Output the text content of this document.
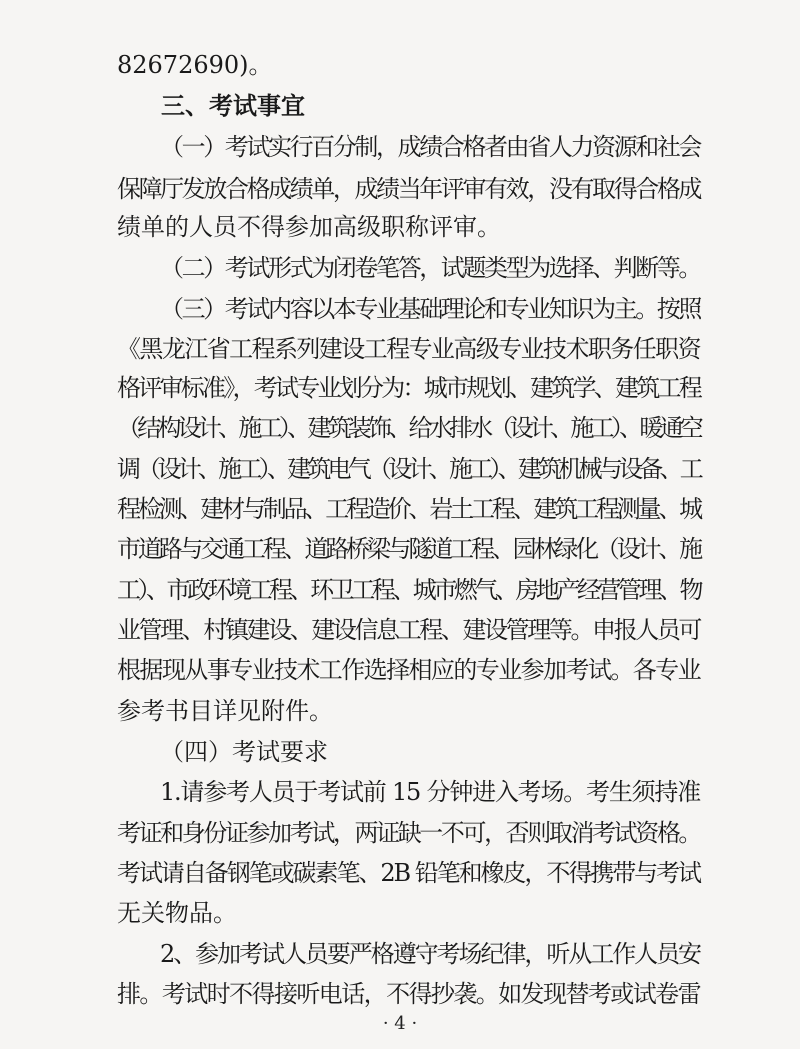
82672690)。
三、考试事宜
（一）考试实行百分制，成绩合格者由省人力资源和社会
保障厅发放合格成绩单，成绩当年评审有效，没有取得合格成
绩单的人员不得参加高级职称评审。
（二）考试形式为闭卷笔答，试题类型为选择、判断等。
（三）考试内容以本专业基础理论和专业知识为主。按照
《黑龙江省工程系列建设工程专业高级专业技术职务任职资
格评审标准》，考试专业划分为：城市规划、建筑学、建筑工程
（结构设计、施工）、建筑装饰、给水排水（设计、施工）、暖通空
调（设计、施工）、建筑电气（设计、施工）、建筑机械与设备、工
程检测、建材与制品、工程造价、岩土工程、建筑工程测量、城
市道路与交通工程、道路桥梁与隧道工程、园林绿化（设计、施
工）、市政环境工程、环卫工程、城市燃气、房地产经营管理、物
业管理、村镇建设、建设信息工程、建设管理等。申报人员可
根据现从事专业技术工作选择相应的专业参加考试。各专业
参考书目详见附件。
（四）考试要求
1.请参考人员于考试前 15 分钟进入考场。考生须持准
考证和身份证参加考试，两证缺一不可，否则取消考试资格。
考试请自备钢笔或碳素笔、2B 铅笔和橡皮，不得携带与考试
无关物品。
2、参加考试人员要严格遵守考场纪律，听从工作人员安
排。考试时不得接听电话，不得抄袭。如发现替考或试卷雷
· 4 ·
